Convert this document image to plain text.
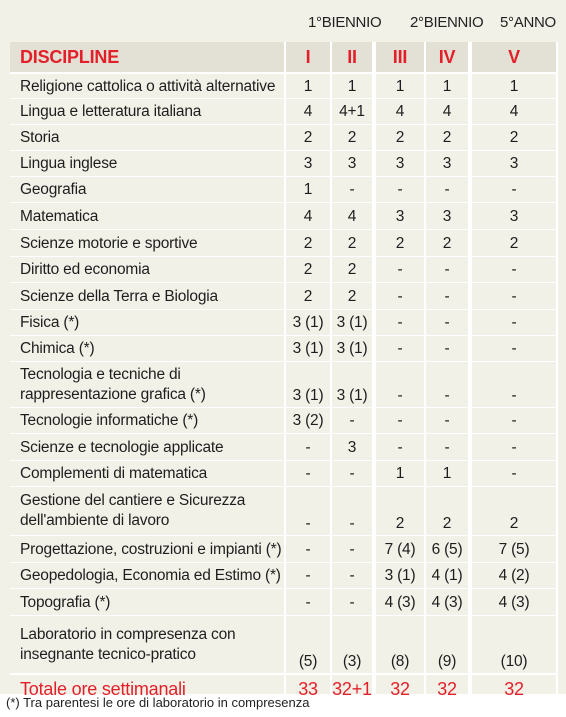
1°BIENNIO 2°BIENNIO 5°ANNO
DISCIPLINE	I	II	III	IV	V
Religione cattolica o attività alternative	1	1	1	1	1
Lingua e letteratura italiana	4	4+1	4	4	4
Storia	2	2	2	2	2
Lingua inglese	3	3	3	3	3
Geografia	1	-	-	-	-
Matematica	4	4	3	3	3
Scienze motorie e sportive	2	2	2	2	2
Diritto ed economia	2	2	-	-	-
Scienze della Terra e Biologia	2	2	-	-	-
Fisica (*)	3 (1)	3 (1)	-	-	-
Chimica (*)	3 (1)	3 (1)	-	-	-
Tecnologia e tecniche di
rappresentazione grafica (*)	3 (1)	3 (1)	-	-	-
Tecnologie informatiche (*)	3 (2)	-	-	-	-
Scienze e tecnologie applicate	-	3	-	-	-
Complementi di matematica	-	-	1	1	-
Gestione del cantiere e Sicurezza
dell'ambiente di lavoro	-	-	2	2	2
Progettazione, costruzioni e impianti (*)	-	-	7 (4)	6 (5)	7 (5)
Geopedologia, Economia ed Estimo (*)	-	-	3 (1)	4 (1)	4 (2)
Topografia (*)	-	-	4 (3)	4 (3)	4 (3)
Laboratorio in compresenza con
insegnante tecnico-pratico	(5)	(3)	(8)	(9)	(10)
Totale ore settimanali	33	32+1	32	32	32
(*) Tra parentesi le ore di laboratorio in compresenza
